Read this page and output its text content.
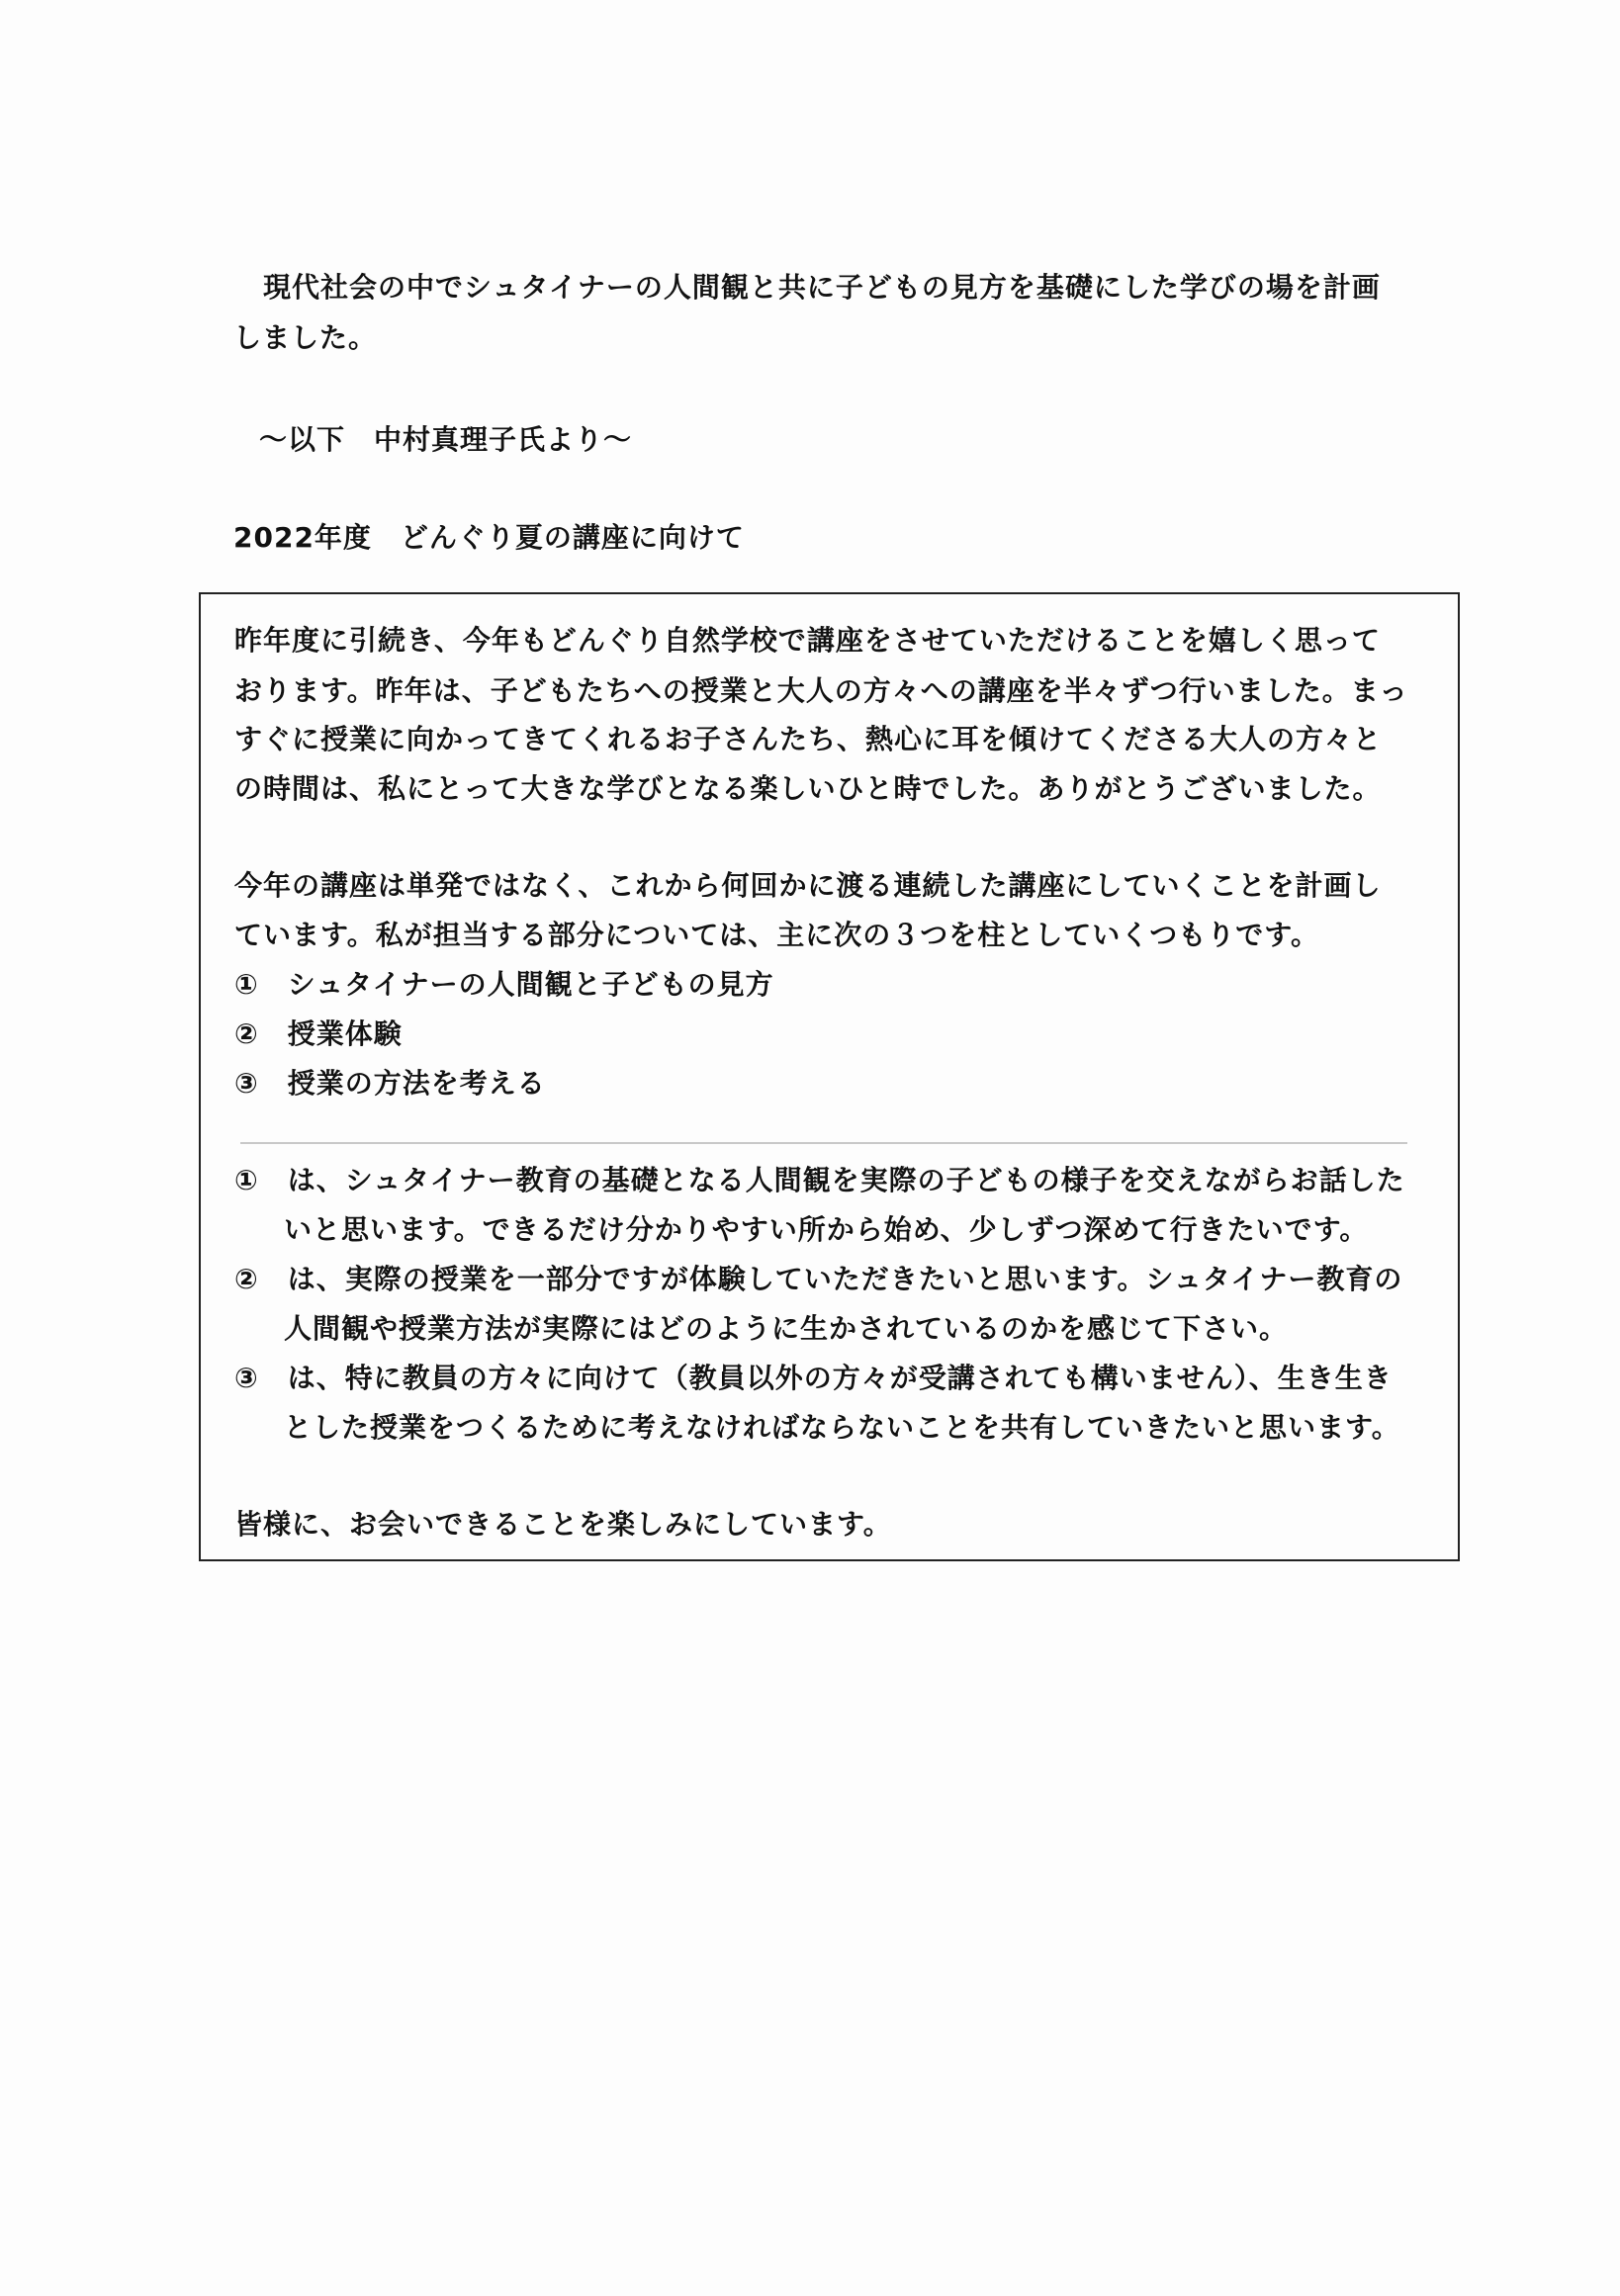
現代社会の中でシュタイナーの人間観と共に子どもの見方を基礎にした学びの場を計画
しました。
〜以下　中村真理子氏より〜
2022年度　どんぐり夏の講座に向けて
昨年度に引続き、今年もどんぐり自然学校で講座をさせていただけることを嬉しく思って
おります。昨年は、子どもたちへの授業と大人の方々への講座を半々ずつ行いました。まっ
すぐに授業に向かってきてくれるお子さんたち、熱心に耳を傾けてくださる大人の方々と
の時間は、私にとって大きな学びとなる楽しいひと時でした。ありがとうございました。
今年の講座は単発ではなく、これから何回かに渡る連続した講座にしていくことを計画し
ています。私が担当する部分については、主に次の３つを柱としていくつもりです。
①　シュタイナーの人間観と子どもの見方
②　授業体験
③　授業の方法を考える
①　は、シュタイナー教育の基礎となる人間観を実際の子どもの様子を交えながらお話した
いと思います。できるだけ分かりやすい所から始め、少しずつ深めて行きたいです。
②　は、実際の授業を一部分ですが体験していただきたいと思います。シュタイナー教育の
人間観や授業方法が実際にはどのように生かされているのかを感じて下さい。
③　は、特に教員の方々に向けて（教員以外の方々が受講されても構いません）、生き生き
とした授業をつくるために考えなければならないことを共有していきたいと思います。
皆様に、お会いできることを楽しみにしています。
